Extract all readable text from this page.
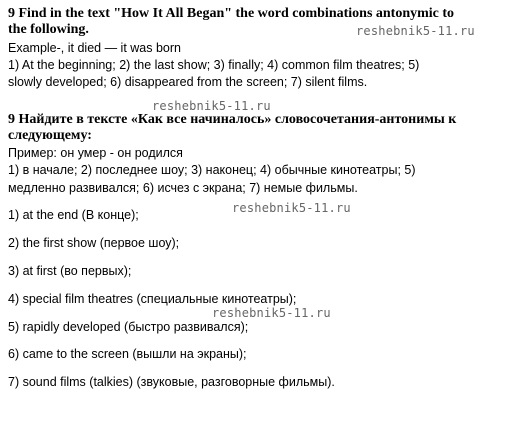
9 Find in the text "How It All Began" the word combinations antonymic to
the following.	reshebnik5-11.ru
Example-, it died — it was born
1) At the beginning; 2) the last show; 3) finally; 4) common film theatres; 5)
slowly developed; 6) disappeared from the screen; 7) silent films.
reshebnik5-11.ru
9 Найдите в тексте «Как все начиналось» словосочетания-антонимы к
следующему:
Пример: он умер - он родился
1) в начале; 2) последнее шоу; 3) наконец; 4) обычные кинотеатры; 5)
медленно развивался; 6) исчез с экрана; 7) немые фильмы.
reshebnik5-11.ru
1) at the end (В конце);
2) the first show (первое шоу);
3) at first (во первых);
4) special film theatres (специальные кинотеатры);
reshebnik5-11.ru
5) rapidly developed (быстро развивался);
6) came to the screen (вышли на экраны);
7) sound films (talkies) (звуковые, разговорные фильмы).
